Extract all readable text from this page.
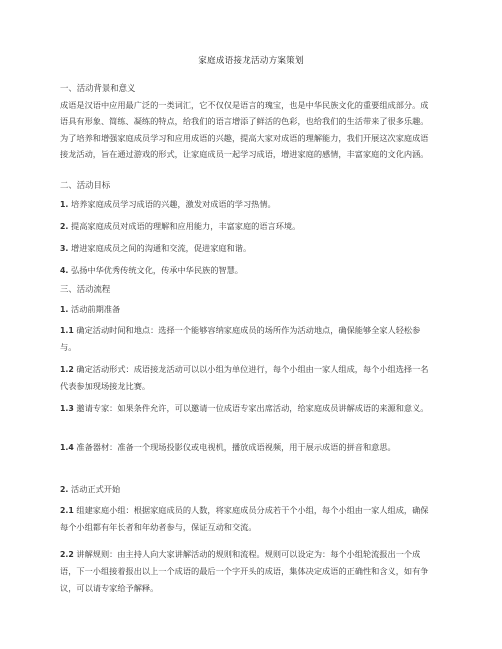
家庭成语接龙活动方案策划
一、活动背景和意义

成语是汉语中应用最广泛的一类词汇，它不仅仅是语言的瑰宝，也是中华民族文化的重要组成部分。成语具有形象、简练、凝练的特点，给我们的语言增添了鲜活的色彩，也给我们的生活带来了很多乐趣。为了培养和增强家庭成员学习和应用成语的兴趣，提高大家对成语的理解能力，我们开展这次家庭成语接龙活动，旨在通过游戏的形式，让家庭成员一起学习成语，增进家庭的感情，丰富家庭的文化内涵。

二、活动目标
1. 培养家庭成员学习成语的兴趣，激发对成语的学习热情。
2. 提高家庭成员对成语的理解和应用能力，丰富家庭的语言环境。
3. 增进家庭成员之间的沟通和交流，促进家庭和谐。
4. 弘扬中华优秀传统文化，传承中华民族的智慧。
三、活动流程
1. 活动前期准备

1.1 确定活动时间和地点：选择一个能够容纳家庭成员的场所作为活动地点，确保能够全家人轻松参与。

1.2 确定活动形式：成语接龙活动可以以小组为单位进行，每个小组由一家人组成，每个小组选择一名代表参加现场接龙比赛。

1.3 邀请专家：如果条件允许，可以邀请一位成语专家出席活动，给家庭成员讲解成语的来源和意义。

1.4 准备器材：准备一个现场投影仪或电视机，播放成语视频，用于展示成语的拼音和意思。

2. 活动正式开始

2.1 组建家庭小组：根据家庭成员的人数，将家庭成员分成若干个小组，每个小组由一家人组成，确保每个小组都有年长者和年幼者参与，保证互动和交流。

2.2 讲解规则：由主持人向大家讲解活动的规则和流程。规则可以设定为：每个小组轮流报出一个成语，下一小组接着报出以上一个成语的最后一个字开头的成语，集体决定成语的正确性和含义，如有争议，可以请专家给予解释。
